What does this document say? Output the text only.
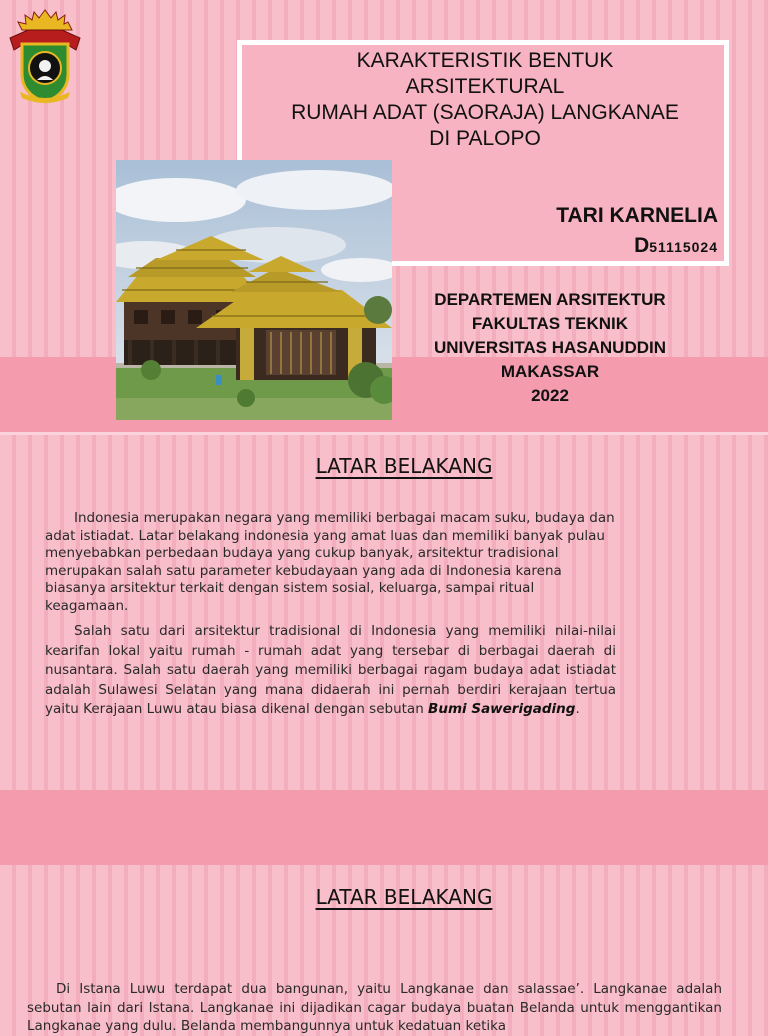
KARAKTERISTIK BENTUK
ARSITEKTURAL
RUMAH ADAT (SAORAJA) LANGKANAE
DI PALOPO
TARI KARNELIA
D51115024
DEPARTEMEN ARSITEKTUR
FAKULTAS TEKNIK
UNIVERSITAS HASANUDDIN
MAKASSAR
2022
LATAR BELAKANG

Indonesia merupakan negara yang memiliki berbagai macam suku, budaya dan adat istiadat. Latar belakang indonesia yang amat luas dan memiliki banyak pulau menyebabkan perbedaan budaya yang cukup banyak, arsitektur tradisional merupakan salah satu parameter kebudayaan yang ada di Indonesia karena biasanya arsitektur terkait dengan sistem sosial, keluarga, sampai ritual keagamaan.

Salah satu dari arsitektur tradisional di Indonesia yang memiliki nilai-nilai kearifan lokal yaitu rumah - rumah adat yang tersebar di berbagai daerah di nusantara. Salah satu daerah yang memiliki berbagai ragam budaya adat istiadat adalah Sulawesi Selatan yang mana didaerah ini pernah berdiri kerajaan tertua yaitu Kerajaan Luwu atau biasa dikenal dengan sebutan Bumi Sawerigading.

LATAR BELAKANG

Di Istana Luwu terdapat dua bangunan, yaitu Langkanae dan salassae’. Langkanae adalah sebutan lain dari Istana. Langkanae ini dijadikan cagar budaya buatan Belanda untuk menggantikan Langkanae yang dulu. Belanda membangunnya untuk kedatuan ketika
